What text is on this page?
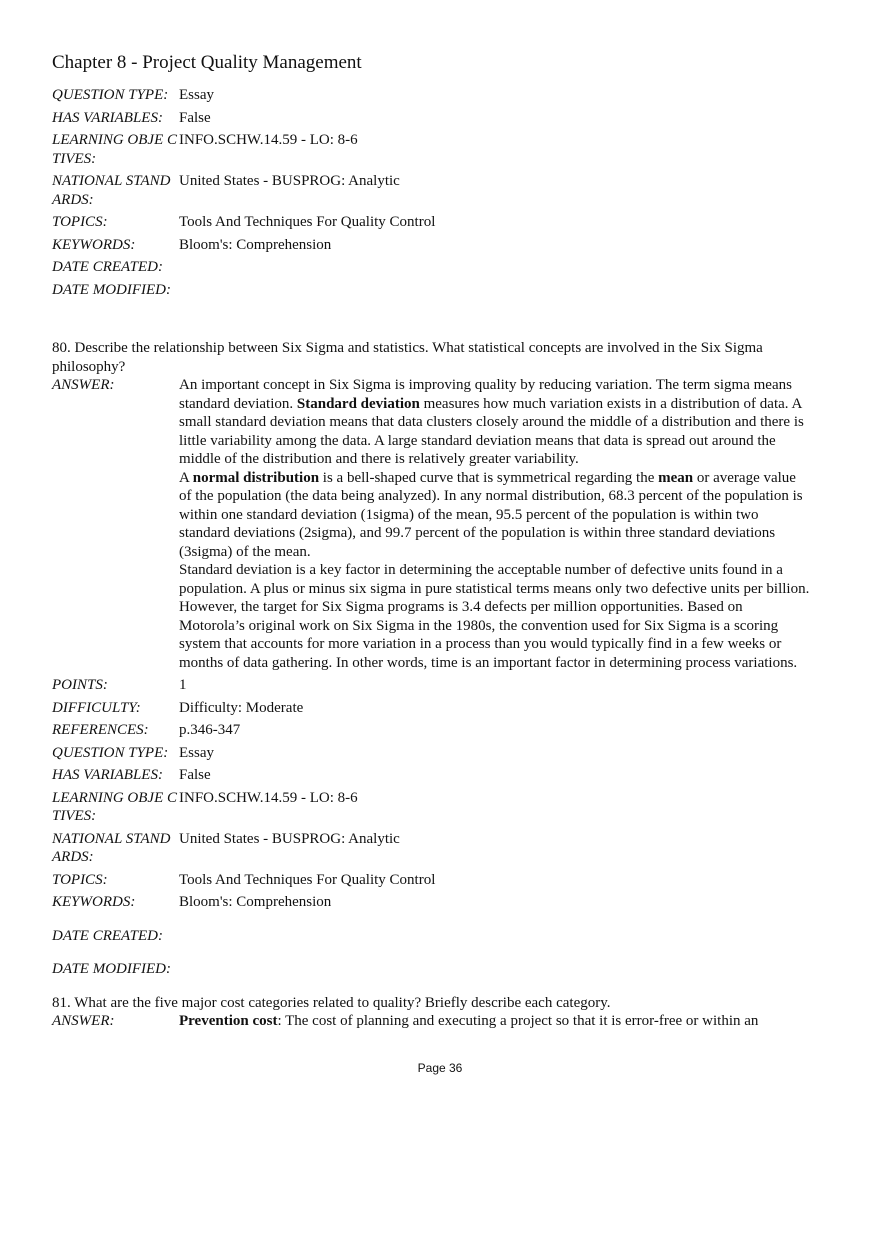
Chapter 8 - Project Quality Management
QUESTION TYPE: Essay
HAS VARIABLES:	False
LEARNING OBJE CTIVES:
INFO.SCHW.14.59 - LO: 8-6
NATIONAL STAND ARDS:
United States - BUSPROG: Analytic
TOPICS:	Tools And Techniques For Quality Control
KEYWORDS:	Bloom's: Comprehension
DATE CREATED:
DATE MODIFIED:
80. Describe the relationship between Six Sigma and statistics. What statistical concepts are involved in the Six Sigma philosophy?
ANSWER:	An important concept in Six Sigma is improving quality by reducing variation. The term sigma means standard deviation. Standard deviation measures how much variation exists in a distribution of data. A small standard deviation means that data clusters closely around the middle of a distribution and there is little variability among the data. A large standard deviation means that data is spread out around the middle of the distribution and there is relatively greater variability.

A normal distribution is a bell-shaped curve that is symmetrical regarding the mean or average value of the population (the data being analyzed). In any normal distribution, 68.3 percent of the population is within one standard deviation (1sigma) of the mean, 95.5 percent of the population is within two standard deviations (2sigma), and 99.7 percent of the population is within three standard deviations (3sigma) of the mean.

Standard deviation is a key factor in determining the acceptable number of defective units found in a population. A plus or minus six sigma in pure statistical terms means only two defective units per billion. However, the target for Six Sigma programs is 3.4 defects per million opportunities. Based on Motorola’s original work on Six Sigma in the 1980s, the convention used for Six Sigma is a scoring system that accounts for more variation in a process than you would typically find in a few weeks or months of data gathering. In other words, time is an important factor in determining process variations.

POINTS:	1
DIFFICULTY:	Difficulty: Moderate
REFERENCES:	p.346-347
QUESTION TYPE: Essay
HAS VARIABLES:	False
LEARNING OBJE CTIVES:
INFO.SCHW.14.59 - LO: 8-6
NATIONAL STAND ARDS:
United States - BUSPROG: Analytic
TOPICS:	Tools And Techniques For Quality Control
KEYWORDS:	Bloom's: Comprehension
DATE CREATED:
DATE MODIFIED:
81. What are the five major cost categories related to quality? Briefly describe each category.
ANSWER:	Prevention cost: The cost of planning and executing a project so that it is error-free or within an
Page 36
